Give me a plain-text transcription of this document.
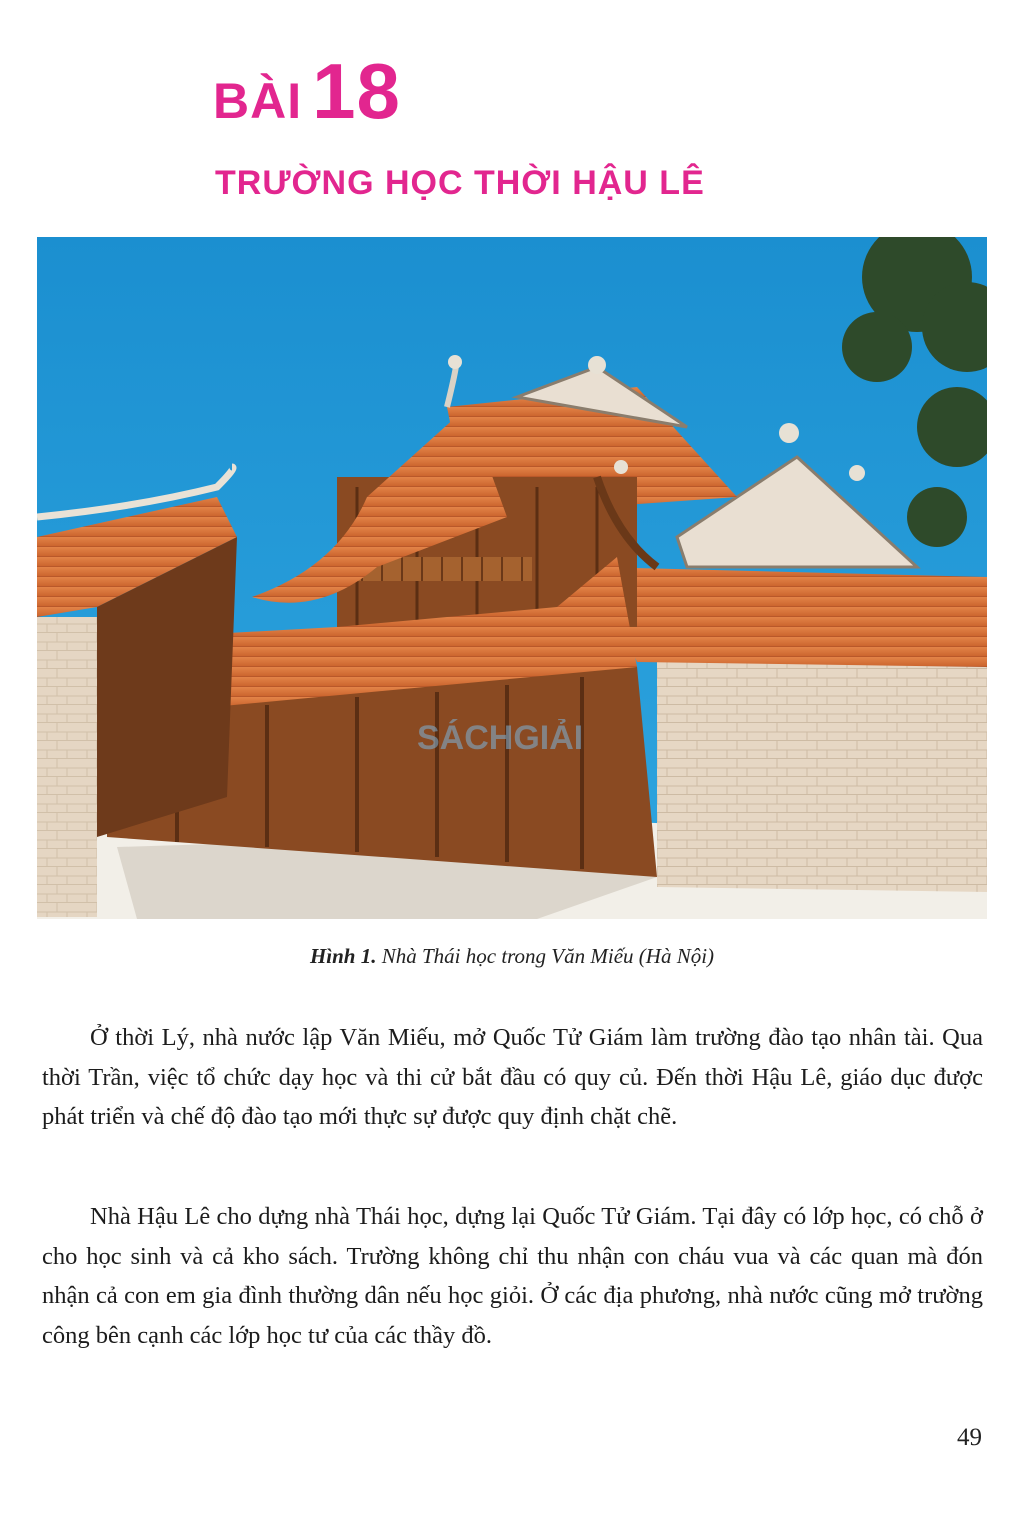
BÀI 18
TRƯỜNG HỌC THỜI HẬU LÊ
SÁCHGIẢI
Hình 1. Nhà Thái học trong Văn Miếu (Hà Nội)

Ở thời Lý, nhà nước lập Văn Miếu, mở Quốc Tử Giám làm trường đào tạo nhân tài. Qua thời Trần, việc tổ chức dạy học và thi cử bắt đầu có quy củ. Đến thời Hậu Lê, giáo dục được phát triển và chế độ đào tạo mới thực sự được quy định chặt chẽ.

Nhà Hậu Lê cho dựng nhà Thái học, dựng lại Quốc Tử Giám. Tại đây có lớp học, có chỗ ở cho học sinh và cả kho sách. Trường không chỉ thu nhận con cháu vua và các quan mà đón nhận cả con em gia đình thường dân nếu học giỏi. Ở các địa phương, nhà nước cũng mở trường công bên cạnh các lớp học tư của các thầy đồ.

49
